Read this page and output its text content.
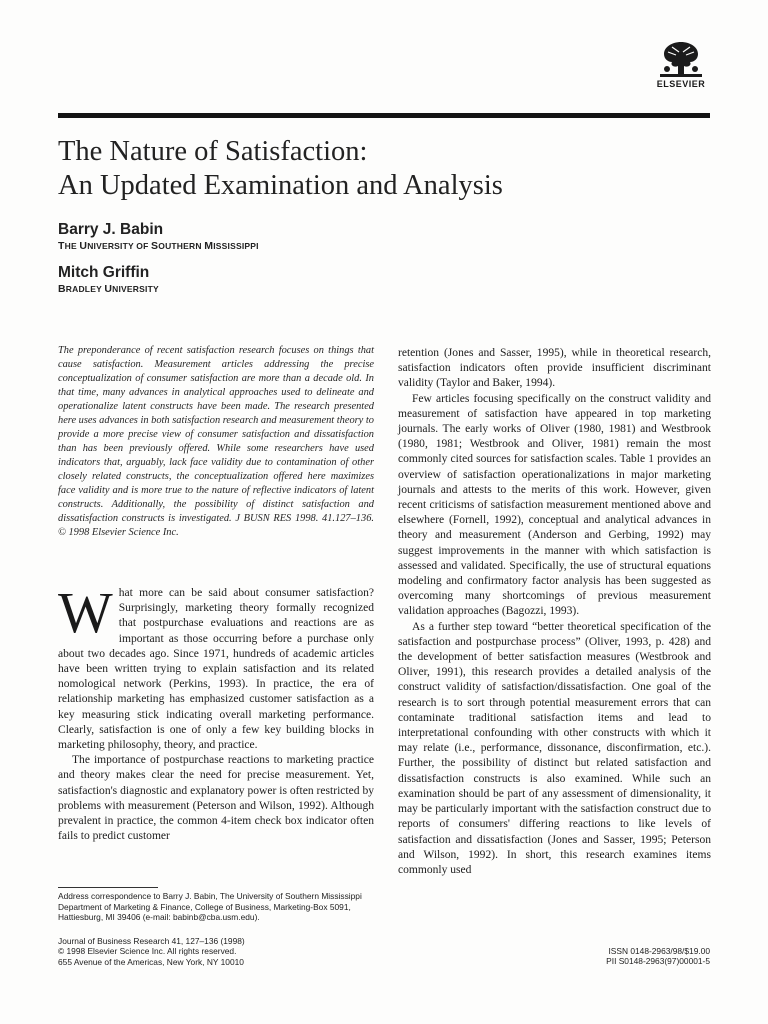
ELSEVIER
The Nature of Satisfaction:
An Updated Examination and Analysis
Barry J. Babin
THE UNIVERSITY OF SOUTHERN MISSISSIPPI
Mitch Griffin
BRADLEY UNIVERSITY

The preponderance of recent satisfaction research focuses on things that cause satisfaction. Measurement articles addressing the precise conceptualization of consumer satisfaction are more than a decade old. In that time, many advances in analytical approaches used to delineate and operationalize latent constructs have been made. The research presented here uses advances in both satisfaction research and measurement theory to provide a more precise view of consumer satisfaction and dissatisfaction than has been previously offered. While some researchers have used indicators that, arguably, lack face validity due to contamination of other closely related constructs, the conceptualization offered here maximizes face validity and is more true to the nature of reflective indicators of latent constructs. Additionally, the possibility of distinct satisfaction and dissatisfaction constructs is investigated. J BUSN RES 1998. 41.127–136. © 1998 Elsevier Science Inc.

What more can be said about consumer satisfaction? Surprisingly, marketing theory formally recognized that postpurchase evaluations and reactions are as important as those occurring before a purchase only about two decades ago. Since 1971, hundreds of academic articles have been written trying to explain satisfaction and its related nomological network (Perkins, 1993). In practice, the era of relationship marketing has emphasized customer satisfaction as a key measuring stick indicating overall marketing performance. Clearly, satisfaction is one of only a few key building blocks in marketing philosophy, theory, and practice.

The importance of postpurchase reactions to marketing practice and theory makes clear the need for precise measurement. Yet, satisfaction's diagnostic and explanatory power is often restricted by problems with measurement (Peterson and Wilson, 1992). Although prevalent in practice, the common 4-item check box indicator often fails to predict customer

retention (Jones and Sasser, 1995), while in theoretical research, satisfaction indicators often provide insufficient discriminant validity (Taylor and Baker, 1994).

Few articles focusing specifically on the construct validity and measurement of satisfaction have appeared in top marketing journals. The early works of Oliver (1980, 1981) and Westbrook (1980, 1981; Westbrook and Oliver, 1981) remain the most commonly cited sources for satisfaction scales. Table 1 provides an overview of satisfaction operationalizations in major marketing journals and attests to the merits of this work. However, given recent criticisms of satisfaction measurement mentioned above and elsewhere (Fornell, 1992), conceptual and analytical advances in theory and measurement (Anderson and Gerbing, 1992) may suggest improvements in the manner with which satisfaction is assessed and validated. Specifically, the use of structural equations modeling and confirmatory factor analysis has been suggested as overcoming many shortcomings of previous measurement validation approaches (Bagozzi, 1993).

As a further step toward “better theoretical specification of the satisfaction and postpurchase process” (Oliver, 1993, p. 428) and the development of better satisfaction measures (Westbrook and Oliver, 1991), this research provides a detailed analysis of the construct validity of satisfaction/dissatisfaction. One goal of the research is to sort through potential measurement errors that can contaminate traditional satisfaction items and lead to interpretational confounding with other constructs with which it may relate (i.e., performance, dissonance, disconfirmation, etc.). Further, the possibility of distinct but related satisfaction and dissatisfaction constructs is also examined. While such an examination should be part of any assessment of dimensionality, it may be particularly important with the satisfaction construct due to reports of consumers' differing reactions to like levels of satisfaction and dissatisfaction (Jones and Sasser, 1995; Peterson and Wilson, 1992). In short, this research examines items commonly used

Address correspondence to Barry J. Babin, The University of Southern Mississippi Department of Marketing & Finance, College of Business, Marketing-Box 5091, Hattiesburg, MI 39406 (e-mail: babinb@cba.usm.edu).
Journal of Business Research 41, 127–136 (1998)
© 1998 Elsevier Science Inc. All rights reserved.
655 Avenue of the Americas, New York, NY 10010
ISSN 0148-2963/98/$19.00
PII S0148-2963(97)00001-5
